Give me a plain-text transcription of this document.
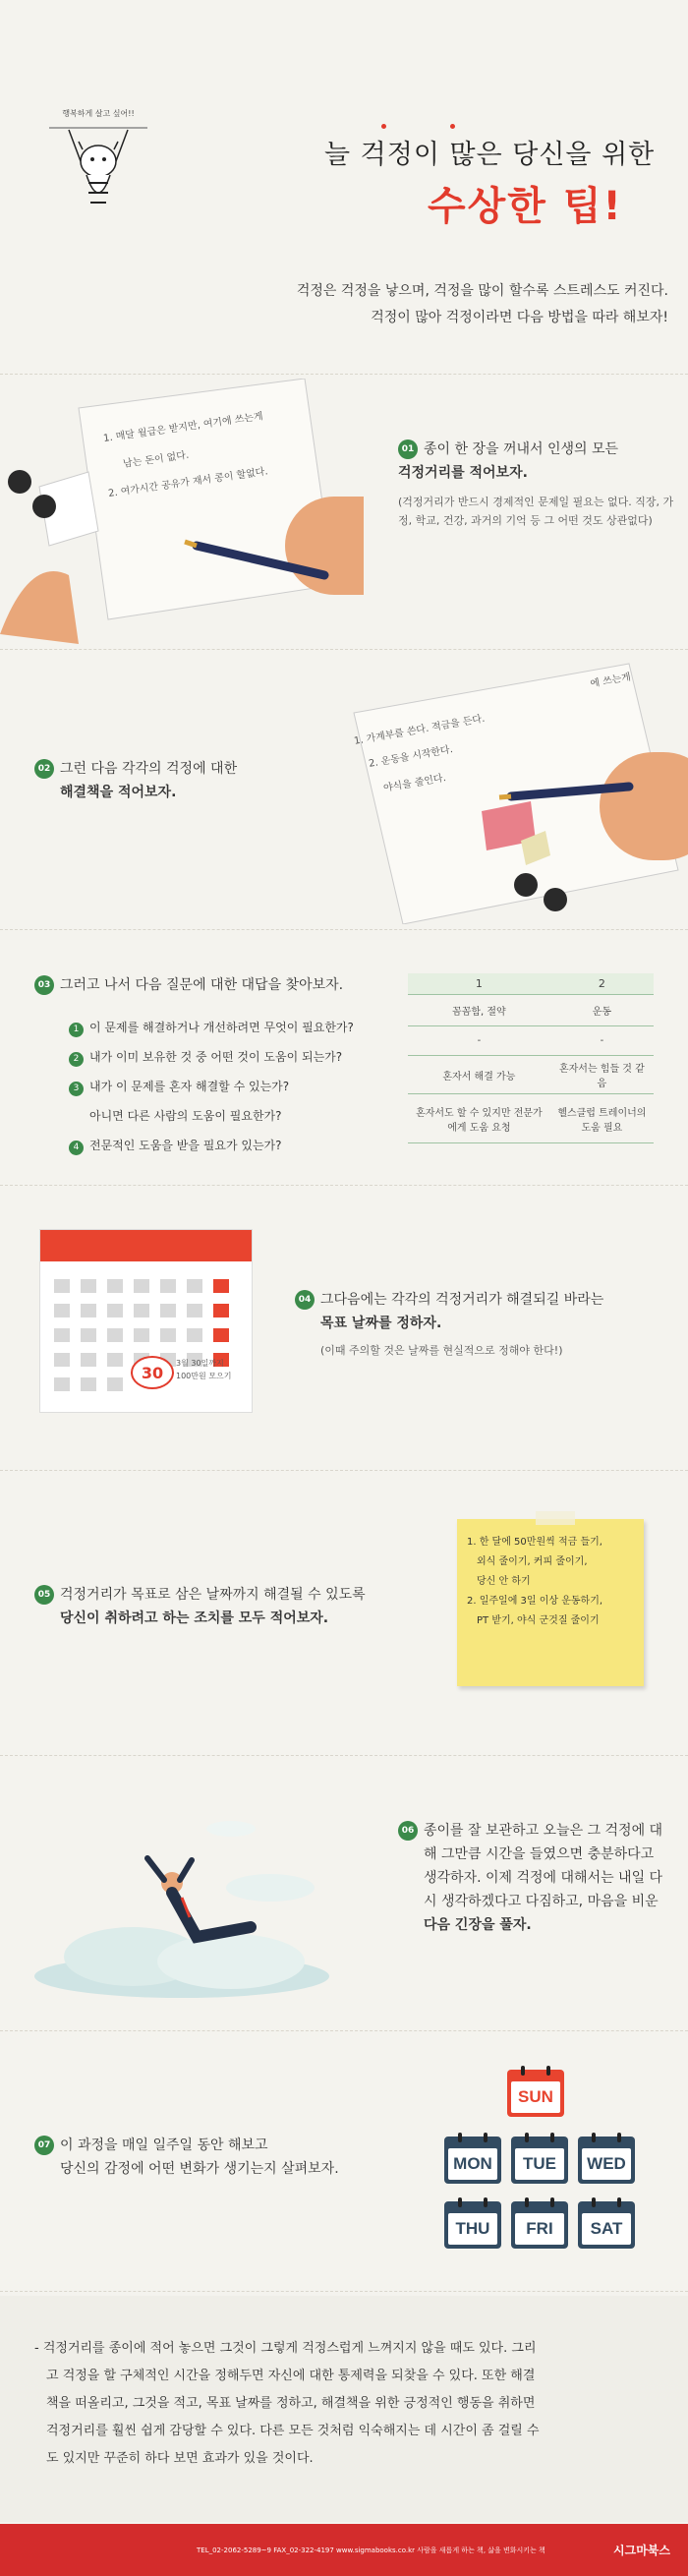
행복하게 살고 싶어!!
늘 걱정이 많은 당신을 위한
수상한 팁!
걱정은 걱정을 낳으며, 걱정을 많이 할수록 스트레스도 커진다.
걱정이 많아 걱정이라면 다음 방법을 따라 해보자!
1. 매달 월급은 받지만, 여기에 쓰는게
남는 돈이 없다.
2. 여가시간 공유가 재서 콩이 할없다.
01 종이 한 장을 꺼내서 인생의 모든
걱정거리를 적어보자.
(걱정거리가 반드시 경제적인 문제일 필요는 없다. 직장, 가정, 학교, 건강, 과거의 기억 등 그 어떤 것도 상관없다)
02 그런 다음 각각의 걱정에 대한
해결책을 적어보자.
에 쓰는게
1. 가계부를 쓴다. 적금을 든다.
2. 운동을 시작한다.
야식을 줄인다.
03 그러고 나서 다음 질문에 대한 대답을 찾아보자.
1 이 문제를 해결하거나 개선하려면 무엇이 필요한가?
2 내가 이미 보유한 것 중 어떤 것이 도움이 되는가?
3 내가 이 문제를 혼자 해결할 수 있는가?
아니면 다른 사람의 도움이 필요한가?
4 전문적인 도움을 받을 필요가 있는가?
1	2
꼼꼼함, 절약	운동
-	-
혼자서 해결 가능	혼자서는 힘들 것 같음
혼자서도 할 수 있지만 전문가에게 도움 요청	헬스클럽 트레이너의 도움 필요
30 3월 30일까지
100만원 모으기
04 그다음에는 각각의 걱정거리가 해결되길 바라는
목표 날짜를 정하자.
(이때 주의할 것은 날짜를 현실적으로 정해야 한다!)
05 걱정거리가 목표로 삼은 날짜까지 해결될 수 있도록
당신이 취하려고 하는 조치를 모두 적어보자.
1. 한 달에 50만원씩 적금 들기,
외식 줄이기, 커피 줄이기,
당신 안 하기
2. 일주일에 3일 이상 운동하기,
PT 받기, 야식 군것질 줄이기
06 종이를 잘 보관하고 오늘은 그 걱정에 대
해 그만큼 시간을 들였으면 충분하다고
생각하자. 이제 걱정에 대해서는 내일 다
시 생각하겠다고 다짐하고, 마음을 비운
다음 긴장을 풀자.
07 이 과정을 매일 일주일 동안 해보고
당신의 감정에 어떤 변화가 생기는지 살펴보자.
SUN
MON	TUE	WED
THU	FRI	SAT
- 걱정거리를 종이에 적어 놓으면 그것이 그렇게 걱정스럽게 느껴지지 않을 때도 있다. 그리
고 걱정을 할 구체적인 시간을 정해두면 자신에 대한 통제력을 되찾을 수 있다. 또한 해결
책을 떠올리고, 그것을 적고, 목표 날짜를 정하고, 해결책을 위한 긍정적인 행동을 취하면
걱정거리를 훨씬 쉽게 감당할 수 있다. 다른 모든 것처럼 익숙해지는 데 시간이 좀 걸릴 수
도 있지만 꾸준히 하다 보면 효과가 있을 것이다.
TEL_02-2062-5289~9 FAX_02-322-4197 www.sigmabooks.co.kr 사람을 새롭게 하는 책, 삶을 변화시키는 책	시그마북스
